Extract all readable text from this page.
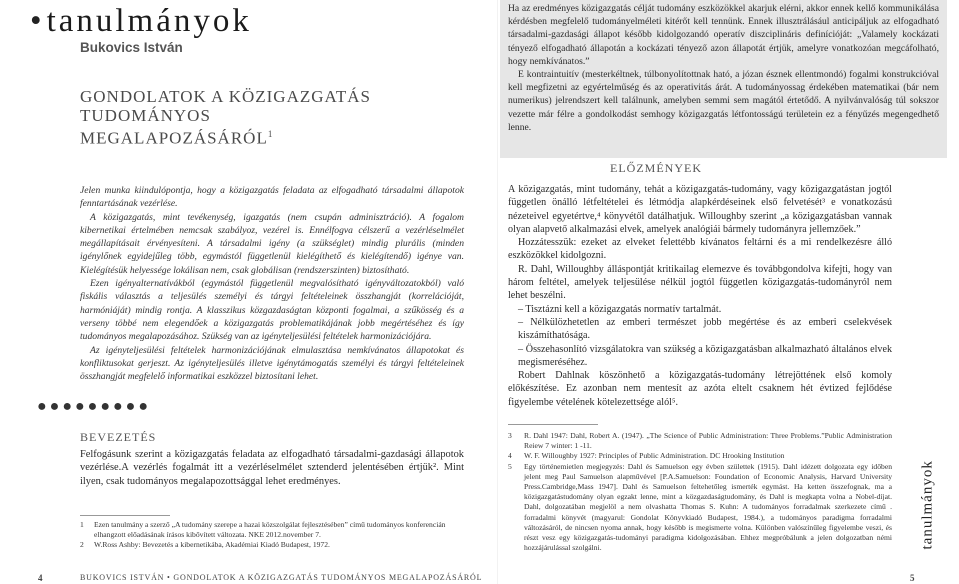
•tanulmányok
Bukovics István
GONDOLATOK A KÖZIGAZGATÁS TUDOMÁNYOS MEGALAPOZÁSÁRÓL$^1$

Jelen munka kiindulópontja, hogy a közigazgatás feladata az elfogadható társadalmi állapotok fenntartásának vezérlése.

A közigazgatás, mint tevékenység, igazgatás (nem csupán adminisztráció). A fogalom kibernetikai értelmében nemcsak szabályoz, vezérel is. Ennélfogva célszerű a vezérléselmélet megállapításait érvényesíteni. A társadalmi igény (a szükséglet) mindig plurális (minden igénylőnek egyidejűleg több, egymástól függetlenül kielégíthető és kielégítendő) igénye van. Kielégítésük helyessége lokálisan nem, csak globálisan (rendszerszinten) biztosítható.

Ezen igényalternatívákból (egymástól függetlenül megvalósítható igényváltozatokból) való fiskális választás a teljesülés személyi és tárgyi feltételeinek összhangját (korrelációját, harmóniáját) mindig rontja. A klasszikus közgazdaságtan központi fogalmai, a szűkösség és a verseny többé nem elegendőek a közigazgatás problematikájának jobb megértéséhez és így tudományos megalapozásához. Szükség van az igényteljesülési feltételek harmonizációjára.

Az igényteljesülési feltételek harmonizációjának elmulasztása nemkívánatos állapotokat és konfliktusokat gerjeszt. Az igényteljesülés illetve igénytámogatás személyi és tárgyi feltételeinek összhangját megfelelő informatikai eszközzel biztosítani lehet.

●●●●●●●●●
BEVEZETÉS
Felfogásunk szerint a közigazgatás feladata az elfogadható társadalmi-gazdasági állapotok vezérlése.A vezérlés fogalmát itt a vezérléselmélet sztenderd jelentésében értjük². Mint ilyen, csak tudományos megalapozottsággal lehet eredményes.
1 Ezen tanulmány a szerző „A tudomány szerepe a hazai közszolgálat fejlesztésében” című tudományos konferencián elhangzott előadásának írásos kibővített változata. NKE 2012.november 7.
2 W.Ross Ashby: Bevezetés a kibernetikába, Akadémiai Kiadó Budapest, 1972.
4	BUKOVICS ISTVÁN • GONDOLATOK A KÖZIGAZGATÁS TUDOMÁNYOS MEGALAPOZÁSÁRÓL

Ha az eredményes közigazgatás célját tudomány eszközökkel akarjuk elérni, akkor ennek kellő kommunikálása kérdésben megfelelő tudományelméleti kitérőt kell tennünk. Ennek illusztrálásául anticipáljuk az elfogadható társadalmi-gazdasági állapot később kidolgozandó operatív diszciplináris definícióját: „Valamely kockázati tényező elfogadható állapotán a kockázati tényező azon állapotát értjük, amelyre vonatkozóan megcáfolható, hogy nemkívánatos.”

E kontraintuitív (mesterkéltnek, túlbonyolítottnak ható, a józan észnek ellentmondó) fogalmi konstrukcióval kell megfizetni az egyértelműség és az operativitás árát. A tudományossag érdekében matematikai (bár nem numerikus) jelrendszert kell találnunk, amelyben semmi sem magától értetődő. A nyilvánvalóság túl sokszor vezette már félre a gondolkodást semhogy közigazgatás létfontosságú területein ez a fényűzés megengedhető lenne.

ELŐZMÉNYEK

A közigazgatás, mint tudomány, tehát a közigazgatás-tudomány, vagy közigazgatástan jogtól független önálló létfeltételei és létmódja alapkérdéseinek első felvetését³ e vonatkozású nézeteivel egyetértve,⁴ könyvétől datálhatjuk. Willoughby szerint „a közigazgatásban vannak olyan alapvető alkalmazási elvek, amelyek analógiái bármely tudományra jellemzőek.”

Hozzátesszük: ezeket az elveket felettébb kívánatos feltárni és a mi rendelkezésre álló eszközökkel kidolgozni.

R. Dahl, Willoughby álláspontját kritikailag elemezve és továbbgondolva kifejti, hogy van három feltétel, amelyek teljesülése nélkül jogtól független közigazgatás-tudományról nem lehet beszélni.

– Tisztázni kell a közigazgatás normatív tartalmát.

– Nélkülözhetetlen az emberi természet jobb megértése és az emberi cselekvések kiszámíthatósága.

– Összehasonlító vizsgálatokra van szükség a közigazgatásban alkalmazható általános elvek megismeréséhez.

Robert Dahlnak köszönhető a közigazgatás-tudomány létrejöttének első komoly előkészítése. Ez azonban nem mentesít az azóta eltelt csaknem hét évtized fejlődése figyelembe vételének kötelezettsége alól⁵.

3 R. Dahl 1947: Dahl, Robert A. (1947). „The Science of Public Administration: Three Problems.”Public Administration Reiew 7 winter: 1 -11.
4 W. F. Willoughby 1927: Principles of Public Administration. DC Hrooking Institution
5 Egy történemietlen megjegyzés: Dahl és Samuelson egy évben születtek (1915). Dahl idézett dolgozata egy időben jelent meg Paul Samuelson alapművével [P.A.Samuelson: Foundation of Economic Analysis, Harvard University Press.Cambridge,Mass 1947]. Dahl és Samuelson feltehetőleg ismerték egymást. Ha ketten összefognak, ma a közigazgatástudomány olyan egzakt lenne, mint a közgazdaságtudomány, és Dahl is megkapta volna a Nobel-díjat. Dahl, dolgozatában megjelöl a nem olvashatta Thomas S. Kuhn: A tudományos forradalmak szerkezete című . forradalmi könyvét (magyarul: Gondolat Könyvkiadó Budapest, 1984.), a tudományos paradigma forradalmi változásáról, de nincsen nyoma annak, hogy később is megismerte volna. Különben valószínűleg figyelembe veszi, és részt vesz egy közigazgatás-tudományi paradigma kidolgozásában. Ehhez megpróbálunk a jelen dolgozatban némi hozzájárulással szolgálni.	tanulmányok
5
